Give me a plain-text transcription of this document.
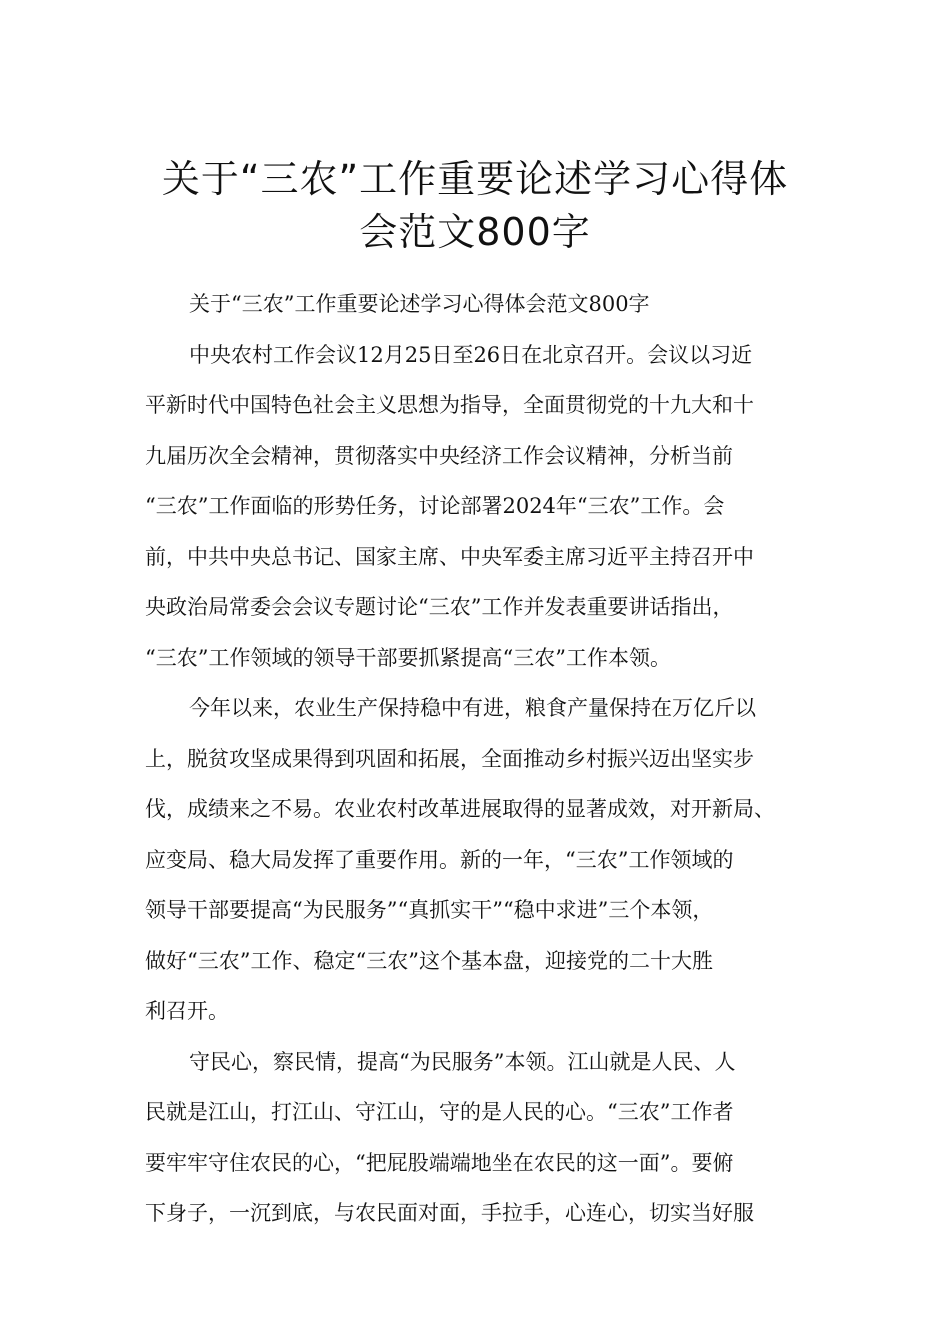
关于“三农”工作重要论述学习心得体
会范文800字
关于“三农”工作重要论述学习心得体会范文800字
中央农村工作会议12月25日至26日在北京召开。会议以习近
平新时代中国特色社会主义思想为指导，全面贯彻党的十九大和十
九届历次全会精神，贯彻落实中央经济工作会议精神，分析当前
“三农”工作面临的形势任务，讨论部署2024年“三农”工作。会
前，中共中央总书记、国家主席、中央军委主席习近平主持召开中
央政治局常委会会议专题讨论“三农”工作并发表重要讲话指出，
“三农”工作领域的领导干部要抓紧提高“三农”工作本领。
今年以来，农业生产保持稳中有进，粮食产量保持在万亿斤以
上，脱贫攻坚成果得到巩固和拓展，全面推动乡村振兴迈出坚实步
伐，成绩来之不易。农业农村改革进展取得的显著成效，对开新局、
应变局、稳大局发挥了重要作用。新的一年，“三农”工作领域的
领导干部要提高“为民服务”“真抓实干”“稳中求进”三个本领，
做好“三农”工作、稳定“三农”这个基本盘，迎接党的二十大胜
利召开。
守民心，察民情，提高“为民服务”本领。江山就是人民、人
民就是江山，打江山、守江山，守的是人民的心。“三农”工作者
要牢牢守住农民的心，“把屁股端端地坐在农民的这一面”。要俯
下身子，一沉到底，与农民面对面，手拉手，心连心，切实当好服
